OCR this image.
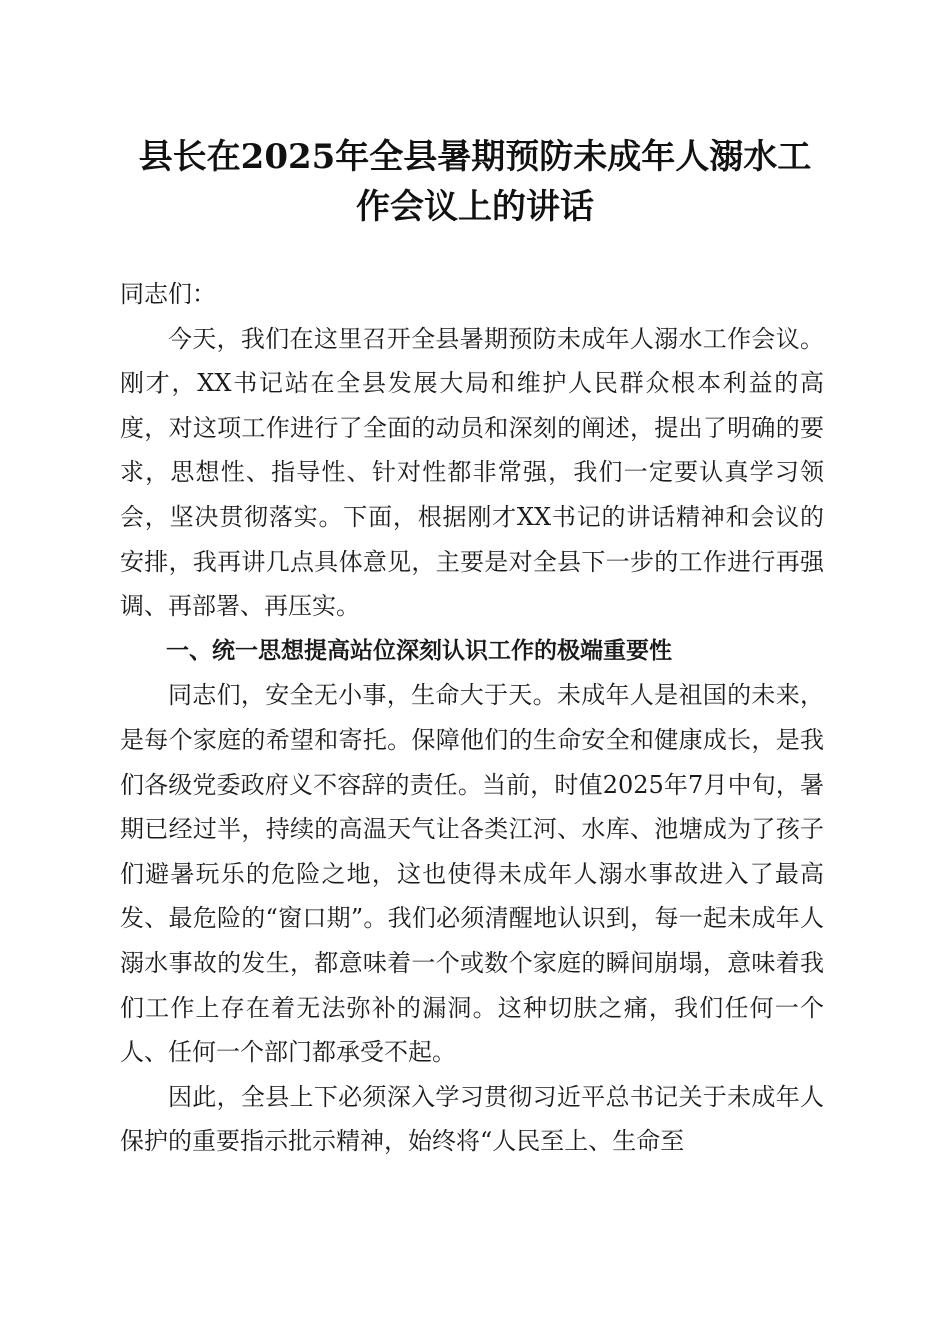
县长在2025年全县暑期预防未成年人溺水工
作会议上的讲话

同志们：

今天，我们在这里召开全县暑期预防未成年人溺水工作会议。刚才，XX书记站在全县发展大局和维护人民群众根本利益的高度，对这项工作进行了全面的动员和深刻的阐述，提出了明确的要求，思想性、指导性、针对性都非常强，我们一定要认真学习领会，坚决贯彻落实。下面，根据刚才XX书记的讲话精神和会议的安排，我再讲几点具体意见，主要是对全县下一步的工作进行再强调、再部署、再压实。

一、统一思想提高站位深刻认识工作的极端重要性

同志们，安全无小事，生命大于天。未成年人是祖国的未来，是每个家庭的希望和寄托。保障他们的生命安全和健康成长，是我们各级党委政府义不容辞的责任。当前，时值2025年7月中旬，暑期已经过半，持续的高温天气让各类江河、水库、池塘成为了孩子们避暑玩乐的危险之地，这也使得未成年人溺水事故进入了最高发、最危险的“窗口期”。我们必须清醒地认识到，每一起未成年人溺水事故的发生，都意味着一个或数个家庭的瞬间崩塌，意味着我们工作上存在着无法弥补的漏洞。这种切肤之痛，我们任何一个人、任何一个部门都承受不起。

因此，全县上下必须深入学习贯彻习近平总书记关于未成年人保护的重要指示批示精神，始终将“人民至上、生命至
